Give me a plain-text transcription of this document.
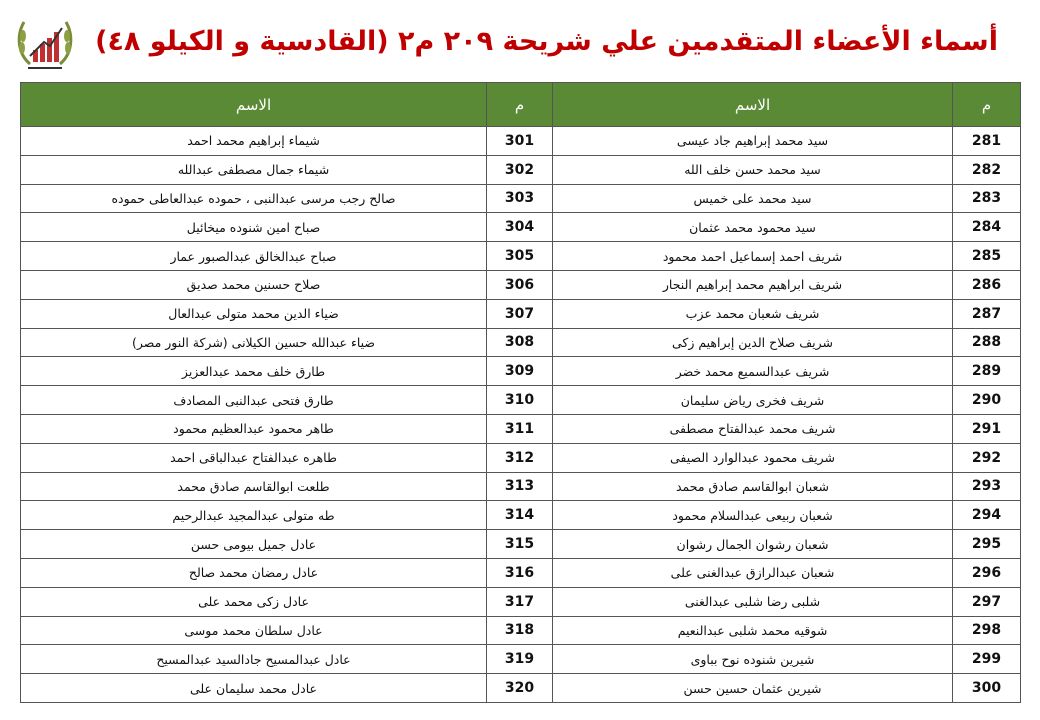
أسماء الأعضاء المتقدمين علي شريحة ٢٠٩ م٢ (القادسية و الكيلو ٤٨)
م	الاسم	م	الاسم
281	سيد محمد إبراهيم جاد عيسى	301	شيماء إبراهيم محمد احمد
282	سيد محمد حسن خلف الله	302	شيماء جمال مصطفى عبدالله
283	سيد محمد على خميس	303	صالح رجب مرسى عبدالنبى ، حموده عبدالعاطى حموده
284	سيد محمود محمد عثمان	304	صباح امين شنوده ميخائيل
285	شريف احمد إسماعيل احمد محمود	305	صباح عبدالخالق عبدالصبور عمار
286	شريف ابراهيم محمد إبراهيم النجار	306	صلاح حسنين محمد صديق
287	شريف شعبان محمد عزب	307	ضياء الدين محمد متولى عبدالعال
288	شريف صلاح الدين إبراهيم زكى	308	ضياء عبدالله حسين الكيلانى (شركة النور مصر)
289	شريف عبدالسميع محمد خضر	309	طارق خلف محمد عبدالعزيز
290	شريف فخرى رياض سليمان	310	طارق فتحى عبدالنبى المصادف
291	شريف محمد عبدالفتاح مصطفى	311	طاهر محمود عبدالعظيم محمود
292	شريف محمود عبدالوارد الصيفى	312	طاهره عبدالفتاح عبدالباقى احمد
293	شعبان ابوالقاسم صادق محمد	313	طلعت ابوالقاسم صادق محمد
294	شعبان ربيعى عبدالسلام محمود	314	طه متولى عبدالمجيد عبدالرحيم
295	شعبان رشوان الجمال رشوان	315	عادل جميل بيومى حسن
296	شعبان عبدالرازق عبدالغنى على	316	عادل رمضان محمد صالح
297	شلبى رضا شلبى عبدالغنى	317	عادل زكى محمد على
298	شوقيه محمد شلبى عبدالنعيم	318	عادل سلطان محمد موسى
299	شيرين شنوده نوح بباوى	319	عادل عبدالمسيح جادالسيد عبدالمسيح
300	شيرين عثمان حسين حسن	320	عادل محمد سليمان على
